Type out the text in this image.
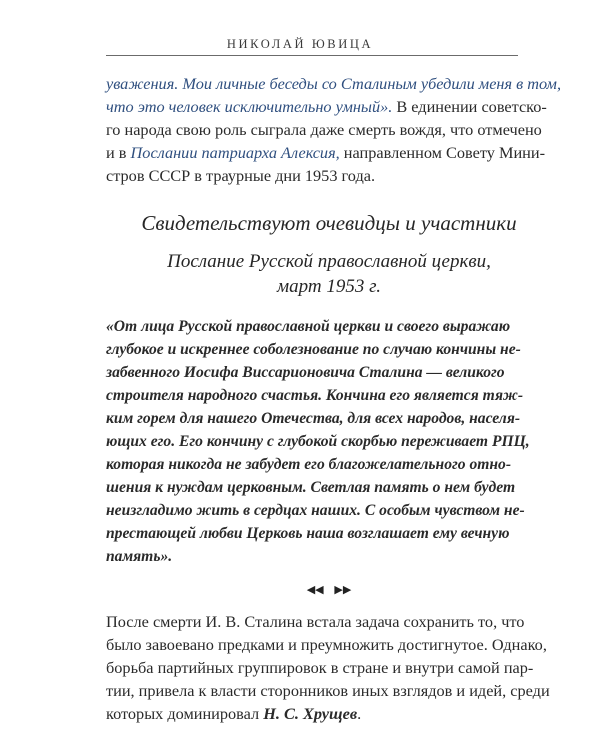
НИКОЛАЙ ЮВИЦА

уважения. Мои личные беседы со Сталиным убедили меня в том,
что это человек исключительно умный». В единении советско-
го народа свою роль сыграла даже смерть вождя, что отмечено
и в Послании патриарха Алексия, направленном Совету Мини-
стров СССР в траурные дни 1953 года.

Свидетельствуют очевидцы и участники
Послание Русской православной церкви,
март 1953 г.
«От лица Русской православной церкви и своего выражаю
глубокое и искреннее соболезнование по случаю кончины не-
забвенного Иосифа Виссарионовича Сталина — великого
строителя народного счастья. Кончина его является тяж-
ким горем для нашего Отечества, для всех народов, населя-
ющих его. Его кончину с глубокой скорбью переживает РПЦ,
которая никогда не забудет его благожелательного отно-
шения к нуждам церковным. Светлая память о нем будет
неизгладимо жить в сердцах наших. С особым чувством не-
престающей любви Церковь наша возглашает ему вечную
память».
◀◀ ▶▶

После смерти И. В. Сталина встала задача сохранить то, что
было завоевано предками и преумножить достигнутое. Однако,
борьба партийных группировок в стране и внутри самой пар-
тии, привела к власти сторонников иных взглядов и идей, среди
которых доминировал Н. С. Хрущев.
